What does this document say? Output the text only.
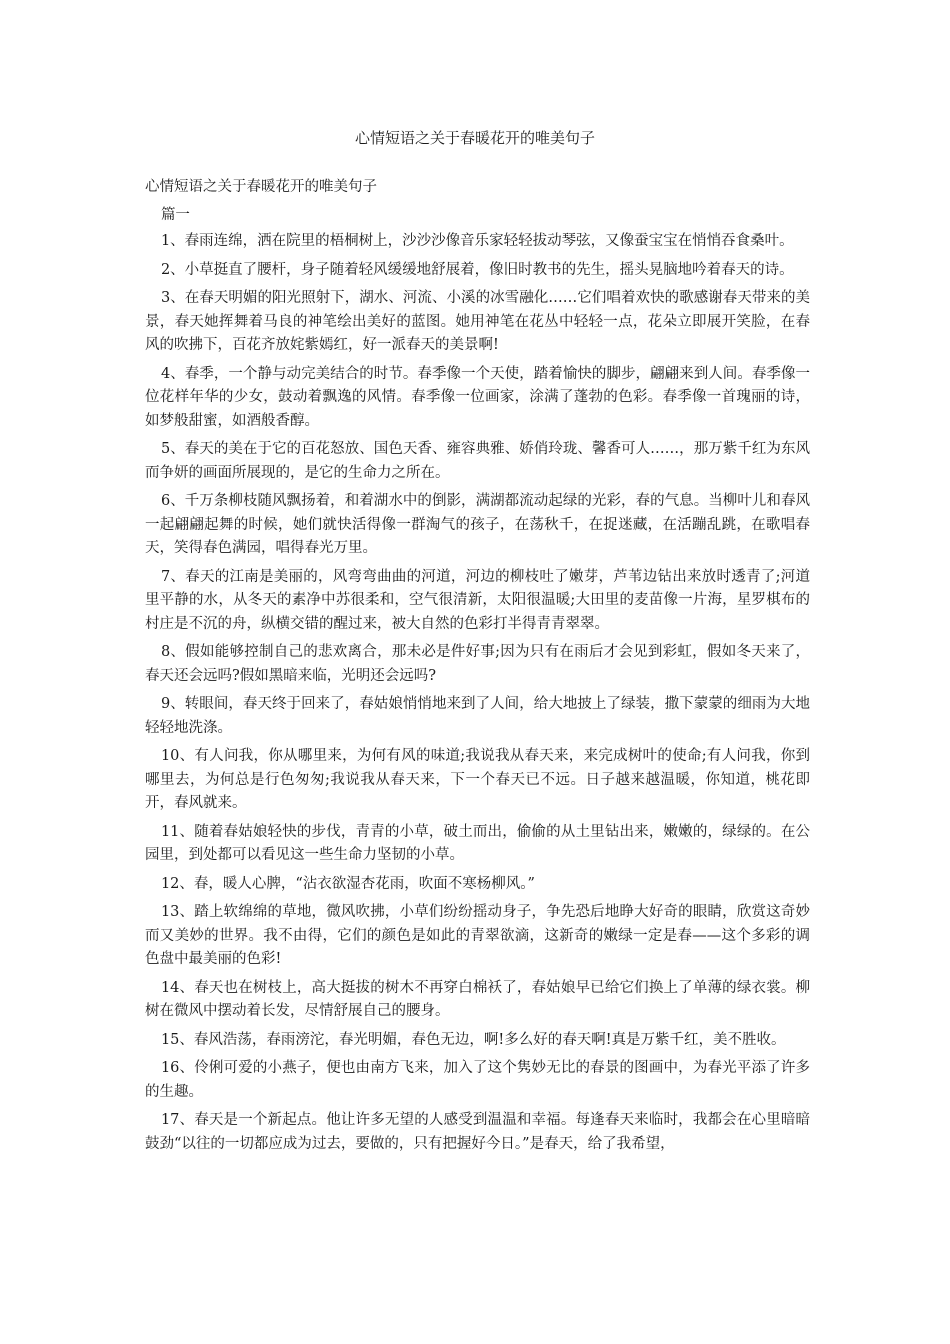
心情短语之关于春暖花开的唯美句子
心情短语之关于春暖花开的唯美句子
篇一

1、春雨连绵，洒在院里的梧桐树上，沙沙沙像音乐家轻轻拔动琴弦，又像蚕宝宝在悄悄吞食桑叶。

2、小草挺直了腰杆，身子随着轻风缓缓地舒展着，像旧时教书的先生，摇头晃脑地吟着春天的诗。

3、在春天明媚的阳光照射下，湖水、河流、小溪的冰雪融化……它们唱着欢快的歌感谢春天带来的美景，春天她挥舞着马良的神笔绘出美好的蓝图。她用神笔在花丛中轻轻一点，花朵立即展开笑脸，在春风的吹拂下，百花齐放姹紫嫣红，好一派春天的美景啊!

4、春季，一个静与动完美结合的时节。春季像一个天使，踏着愉快的脚步，翩翩来到人间。春季像一位花样年华的少女，鼓动着飘逸的风情。春季像一位画家，涂满了蓬勃的色彩。春季像一首瑰丽的诗，如梦般甜蜜，如酒般香醇。

5、春天的美在于它的百花怒放、国色天香、雍容典雅、娇俏玲珑、馨香可人……，那万紫千红为东风而争妍的画面所展现的，是它的生命力之所在。

6、千万条柳枝随风飘扬着，和着湖水中的倒影，满湖都流动起绿的光彩，春的气息。当柳叶儿和春风一起翩翩起舞的时候，她们就快活得像一群淘气的孩子，在荡秋千，在捉迷藏，在活蹦乱跳，在歌唱春天，笑得春色满园，唱得春光万里。

7、春天的江南是美丽的，风弯弯曲曲的河道，河边的柳枝吐了嫩芽，芦苇边钻出来放时透青了;河道里平静的水，从冬天的素净中苏很柔和，空气很清新，太阳很温暖;大田里的麦苗像一片海，星罗棋布的村庄是不沉的舟，纵横交错的醒过来，被大自然的色彩打半得青青翠翠。

8、假如能够控制自己的悲欢离合，那未必是件好事;因为只有在雨后才会见到彩虹，假如冬天来了，春天还会远吗?假如黑暗来临，光明还会远吗?

9、转眼间，春天终于回来了，春姑娘悄悄地来到了人间，给大地披上了绿装，撒下蒙蒙的细雨为大地轻轻地洗涤。

10、有人问我，你从哪里来，为何有风的味道;我说我从春天来，来完成树叶的使命;有人问我，你到哪里去，为何总是行色匆匆;我说我从春天来，下一个春天已不远。日子越来越温暖，你知道，桃花即开，春风就来。

11、随着春姑娘轻快的步伐，青青的小草，破土而出，偷偷的从土里钻出来，嫩嫩的，绿绿的。在公园里，到处都可以看见这一些生命力坚韧的小草。

12、春，暖人心脾，“沾衣欲湿杏花雨，吹面不寒杨柳风。”

13、踏上软绵绵的草地，微风吹拂，小草们纷纷摇动身子，争先恐后地睁大好奇的眼睛，欣赏这奇妙而又美妙的世界。我不由得，它们的颜色是如此的青翠欲滴，这新奇的嫩绿一定是春——这个多彩的调色盘中最美丽的色彩!

14、春天也在树枝上，高大挺拔的树木不再穿白棉袄了，春姑娘早已给它们换上了单薄的绿衣裳。柳树在微风中摆动着长发，尽情舒展自己的腰身。

15、春风浩荡，春雨滂沱，春光明媚，春色无边，啊!多么好的春天啊!真是万紫千红，美不胜收。

16、伶俐可爱的小燕子，便也由南方飞来，加入了这个隽妙无比的春景的图画中，为春光平添了许多的生趣。

17、春天是一个新起点。他让许多无望的人感受到温温和幸福。每逢春天来临时，我都会在心里暗暗鼓劲“以往的一切都应成为过去，要做的，只有把握好今日。”是春天，给了我希望，
